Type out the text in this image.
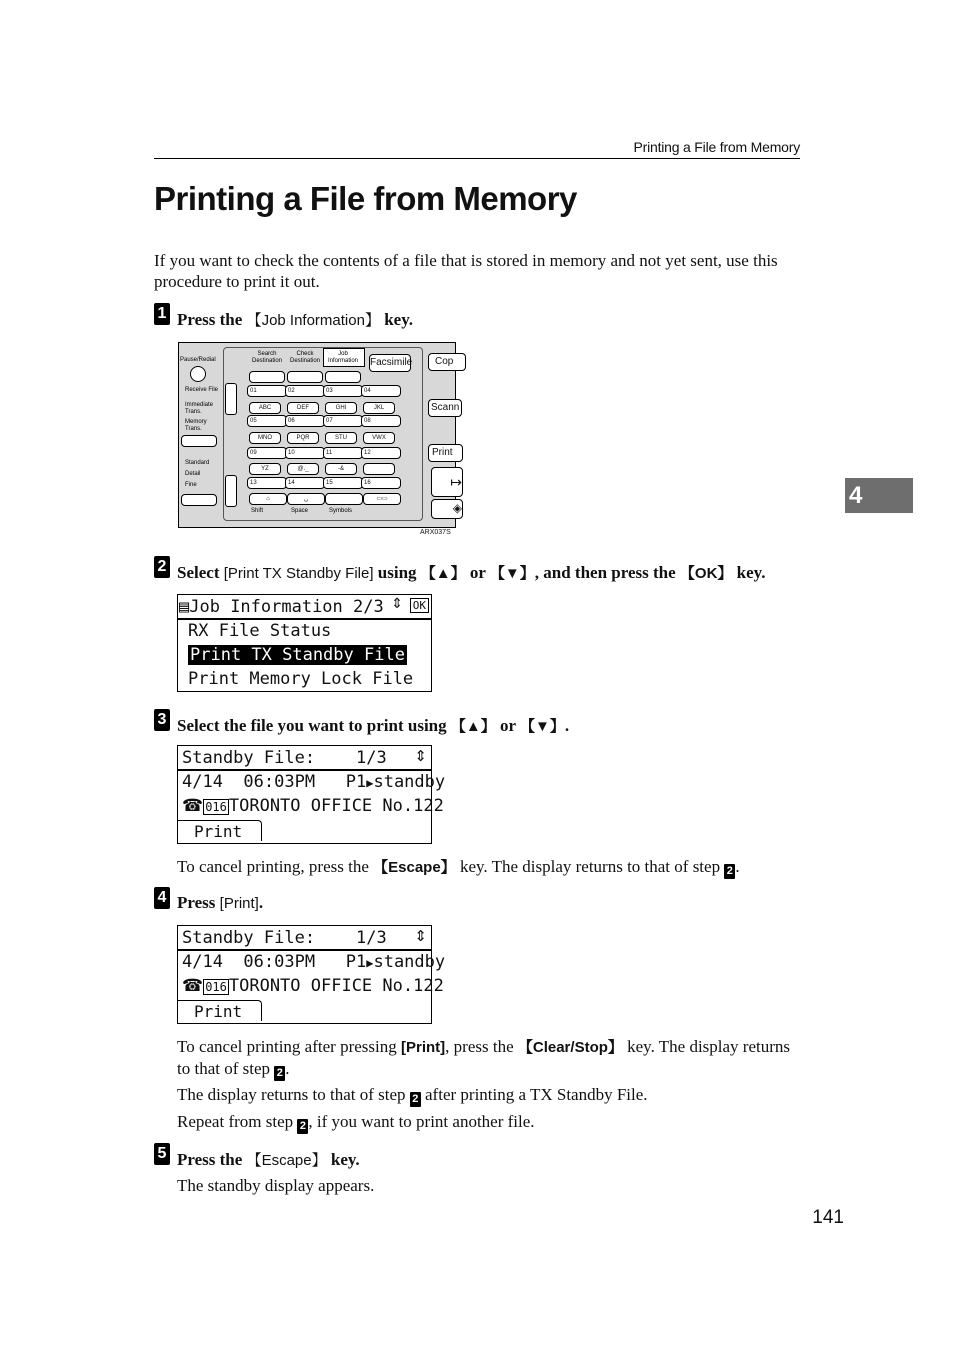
Printing a File from Memory
Printing a File from Memory
If you want to check the contents of a file that is stored in memory and not yet sent, use this procedure to print it out.
1 Press the 【Job Information】 key.
Pause/Redial
Receive File
Immediate Trans.
Memory Trans.
Standard
Detail
Fine
Search Destination
Check Destination
Job Information	Facsimile	Cop
Scann
Print
↦
◈
01	02	03	04
ABC	DEF	GHI	JKL
05	06	07	08
MNO	PQR	STU	VWX
09	10	11	12
YZ	@._	-&
13	14	15	16
⌂	␣	▭▭
Shift	Space	Symbols
ARX037S
2 Select [Print TX Standby File] using 【▲】 or 【▼】, and then press the 【OK】 key.
▤Job Information 2/3 ⇕ OK
RX File Status
Print TX Standby File
Print Memory Lock File
3 Select the file you want to print using 【▲】 or 【▼】.
Standby File:    1/3	⇕
4/14  06:03PM   P1▶standby
☎ 016 TORONTO OFFICE No.122
Print
To cancel printing, press the 【Escape】 key. The display returns to that of step 2 .
4 Press [Print].
Standby File:    1/3	⇕
4/14  06:03PM   P1▶standby
☎ 016 TORONTO OFFICE No.122
Print
To cancel printing after pressing [Print], press the 【Clear/Stop】 key. The display returns to that of step 2 .
The display returns to that of step 2 after printing a TX Standby File.
Repeat from step 2 , if you want to print another file.
5 Press the 【Escape】 key.
The standby display appears.
4
141
